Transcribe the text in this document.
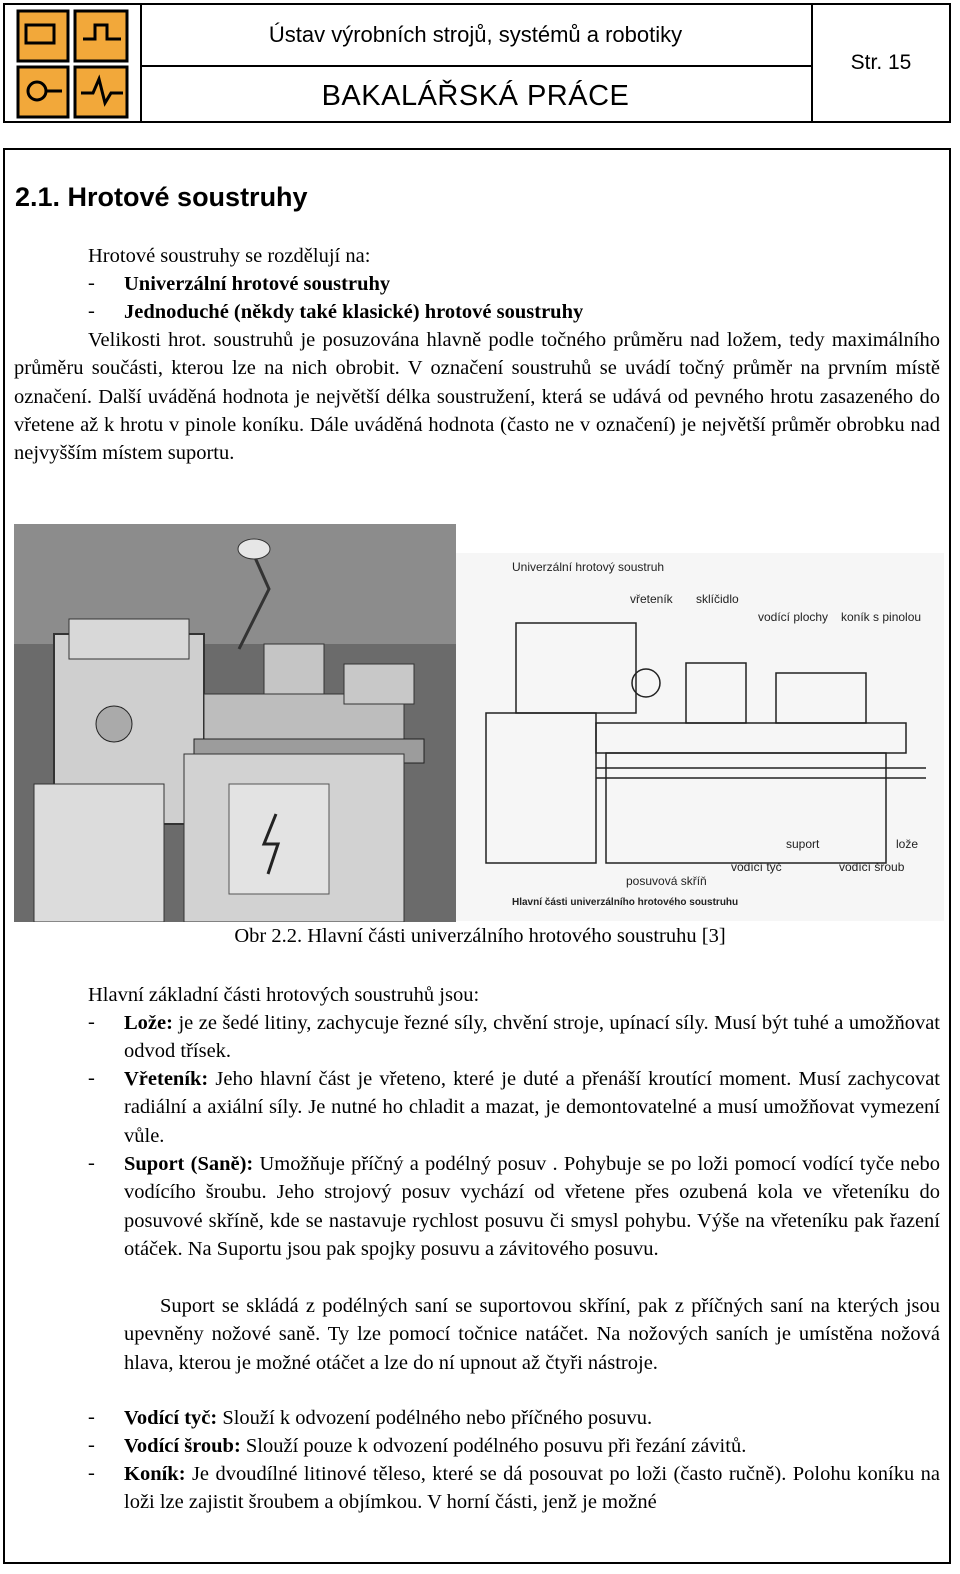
Ústav výrobních strojů, systémů a robotiky
BAKALÁŘSKÁ PRÁCE
Str. 15
2.1. Hrotové soustruhy

Hrotové soustruhy se rozdělují na:

- Univerzální hrotové soustruhy

- Jednoduché (někdy také klasické) hrotové soustruhy

Velikosti hrot. soustruhů je posuzována hlavně podle točného průměru nad ložem, tedy maximálního průměru součásti, kterou lze na nich obrobit. V označení soustruhů se uvádí točný průměr na prvním místě označení. Další uváděná hodnota je největší délka soustružení, která se udává od pevného hrotu zasazeného do vřetene až k hrotu v pinole koníku. Dále uváděná hodnota (často ne v označení) je největší průměr obrobku nad nejvyšším místem suportu.

Univerzální hrotový soustruh
vřeteník sklíčidlo
vodící plochy koník s pinolou
suport	lože
vodící tyč	vodící šroub
posuvová skříň
Hlavní části univerzálního hrotového soustruhu
Obr 2.2. Hlavní části univerzálního hrotového soustruhu [3]

Hlavní základní části hrotových soustruhů jsou:

- Lože: je ze šedé litiny, zachycuje řezné síly, chvění stroje, upínací síly. Musí být tuhé a umožňovat odvod třísek.

- Vřeteník: Jeho hlavní část je vřeteno, které je duté a přenáší kroutící moment. Musí zachycovat radiální a axiální síly. Je nutné ho chladit a mazat, je demontovatelné a musí umožňovat vymezení vůle.

- Suport (Saně): Umožňuje příčný a podélný posuv . Pohybuje se po loži pomocí vodící tyče nebo vodícího šroubu. Jeho strojový posuv vychází od vřetene přes ozubená kola ve vřeteníku do posuvové skříně, kde se nastavuje rychlost posuvu či smysl pohybu. Výše na vřeteníku pak řazení otáček. Na Suportu jsou pak spojky posuvu a závitového posuvu.

Suport se skládá z podélných saní se suportovou skříní, pak z příčných saní na kterých jsou upevněny nožové saně. Ty lze pomocí točnice natáčet. Na nožových saních je umístěna nožová hlava, kterou je možné otáčet a lze do ní upnout až čtyři nástroje.

- Vodící tyč: Slouží k odvození podélného nebo příčného posuvu.

- Vodící šroub: Slouží pouze k odvození podélného posuvu při řezání závitů.

- Koník: Je dvoudílné litinové těleso, které se dá posouvat po loži (často ručně). Polohu koníku na loži lze zajistit šroubem a objímkou. V horní části, jenž je možné
